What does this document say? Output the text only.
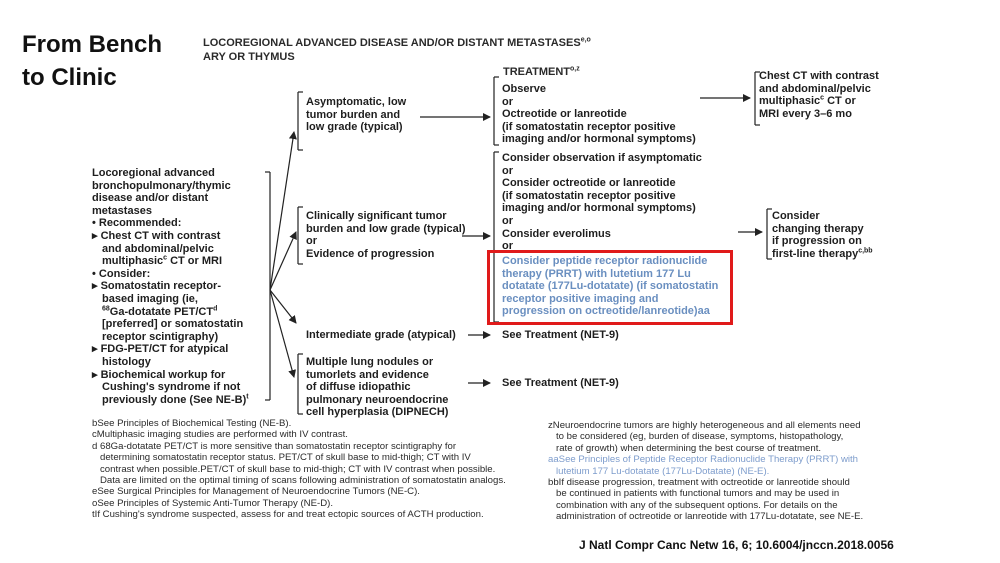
From Bench
to Clinic
J Natl Compr Canc Netw 16, 6; 10.6004/jnccn.2018.0056
LOCOREGIONAL ADVANCED DISEASE AND/OR DISTANT METASTASES$^{e,o}$
ARY OR THYMUS
TREATMENT$^{o,z}$
Locoregional advanced
bronchopulmonary/thymic
disease and/or distant
metastases
• Recommended:
▸ Chest CT with contrast
and abdominal/pelvic
multiphasic$^c$ CT or MRI
• Consider:
▸ Somatostatin receptor-
based imaging (ie,
$^{68}$Ga-dotatate PET/$CT^d$
[preferred] or somatostatin
receptor scintigraphy)
▸ FDG-PET/CT for atypical
histology
▸ Biochemical workup for
Cushing's syndrome if not
previously done (See NE-B)$^t$
Asymptomatic, low
tumor burden and
low grade (typical)
Clinically significant tumor
burden and low grade (typical)
or
Evidence of progression
Intermediate grade (atypical)
Multiple lung nodules or
tumorlets and evidence
of diffuse idiopathic
pulmonary neuroendocrine
cell hyperplasia (DIPNECH)
Observe
or
Octreotide or lanreotide
(if somatostatin receptor positive
imaging and/or hormonal symptoms)
Consider observation if asymptomatic
or
Consider octreotide or lanreotide
(if somatostatin receptor positive
imaging and/or hormonal symptoms)
or
Consider everolimus
or
Consider peptide receptor radionuclide
therapy (PRRT) with lutetium 177 Lu
dotatate (177Lu-dotatate) (if somatostatin
receptor positive imaging and
progression on octreotide/lanreotide)aa
See Treatment (NET-9)
See Treatment (NET-9)
Chest CT with contrast
and abdominal/pelvic
multiphasic$^c$ CT or
MRI every 3–6 mo
Consider
changing therapy
if progression on
first-line therapy$^{c,bb}$
bSee Principles of Biochemical Testing (NE-B).
cMultiphasic imaging studies are performed with IV contrast.
d 68Ga-dotatate PET/CT is more sensitive than somatostatin receptor scintigraphy for
determining somatostatin receptor status. PET/CT of skull base to mid-thigh; CT with IV
contrast when possible.PET/CT of skull base to mid-thigh; CT with IV contrast when possible.
Data are limited on the optimal timing of scans following administration of somatostatin analogs.
eSee Surgical Principles for Management of Neuroendocrine Tumors (NE-C).
oSee Principles of Systemic Anti-Tumor Therapy (NE-D).
tIf Cushing's syndrome suspected, assess for and treat ectopic sources of ACTH production.
zNeuroendocrine tumors are highly heterogeneous and all elements need
to be considered (eg, burden of disease, symptoms, histopathology,
rate of growth) when determining the best course of treatment.
aaSee Principles of Peptide Receptor Radionuclide Therapy (PRRT) with
lutetium 177 Lu-dotatate (177Lu-Dotatate) (NE-E).
bbIf disease progression, treatment with octreotide or lanreotide should
be continued in patients with functional tumors and may be used in
combination with any of the subsequent options. For details on the
administration of octreotide or lanreotide with 177Lu-dotatate, see NE-E.
